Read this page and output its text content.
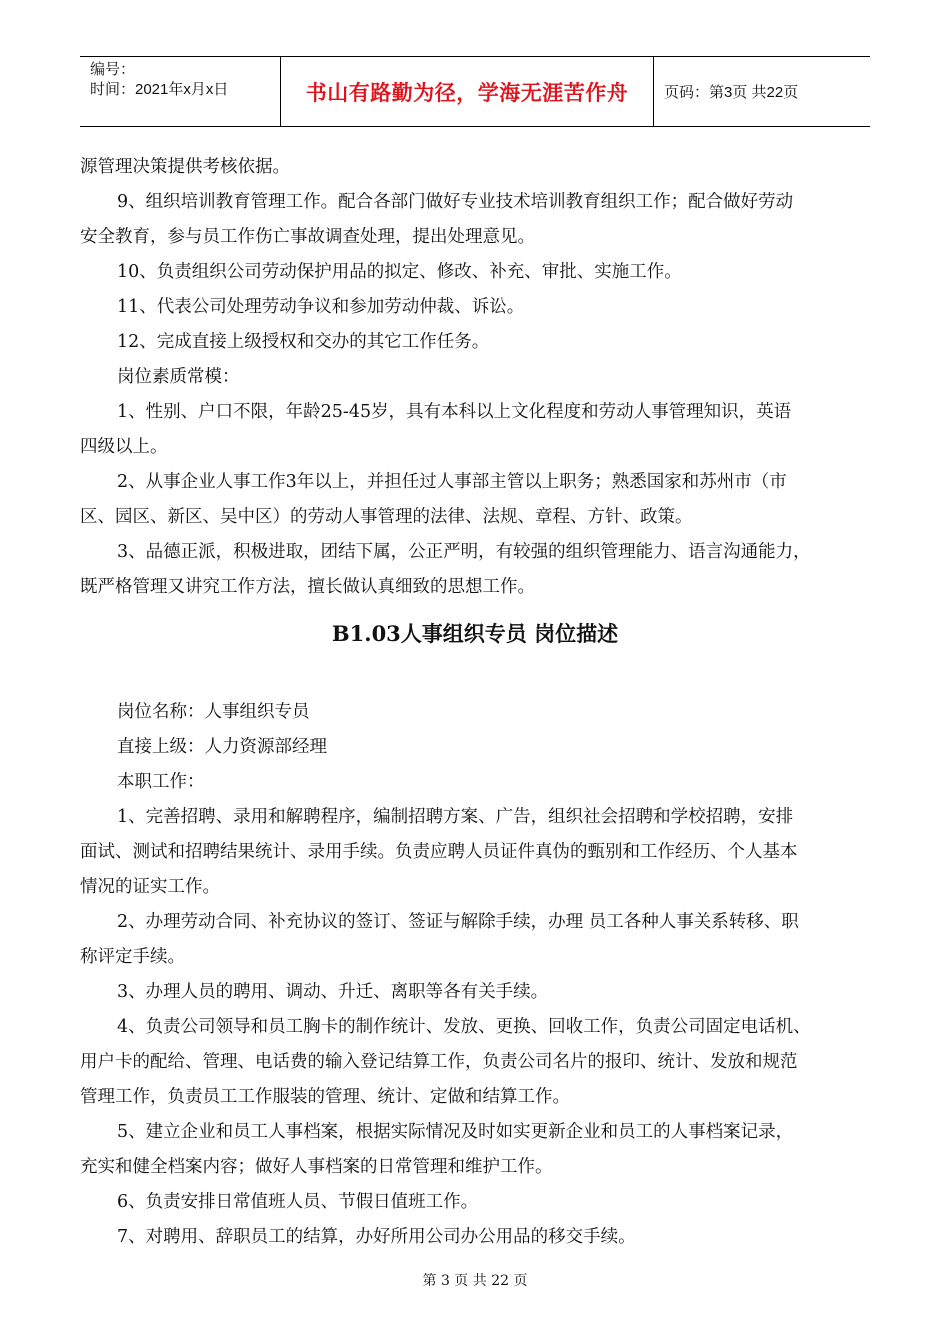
编号：
时间：2021年x月x日	书山有路勤为径，学海无涯苦作舟	页码：第3页 共22页
源管理决策提供考核依据。
9、组织培训教育管理工作。配合各部门做好专业技术培训教育组织工作；配合做好劳动
安全教育，参与员工作伤亡事故调查处理，提出处理意见。
10、负责组织公司劳动保护用品的拟定、修改、补充、审批、实施工作。
11、代表公司处理劳动争议和参加劳动仲裁、诉讼。
12、完成直接上级授权和交办的其它工作任务。
岗位素质常模：
1、性别、户口不限，年龄25-45岁，具有本科以上文化程度和劳动人事管理知识，英语
四级以上。
2、从事企业人事工作3年以上，并担任过人事部主管以上职务；熟悉国家和苏州市（市
区、园区、新区、吴中区）的劳动人事管理的法律、法规、章程、方针、政策。
3、品德正派，积极进取，团结下属，公正严明，有较强的组织管理能力、语言沟通能力，
既严格管理又讲究工作方法，擅长做认真细致的思想工作。
B1.03人事组织专员 岗位描述
岗位名称：人事组织专员
直接上级：人力资源部经理
本职工作：
1、完善招聘、录用和解聘程序，编制招聘方案、广告，组织社会招聘和学校招聘，安排
面试、测试和招聘结果统计、录用手续。负责应聘人员证件真伪的甄别和工作经历、个人基本
情况的证实工作。
2、办理劳动合同、补充协议的签订、签证与解除手续，办理 员工各种人事关系转移、职
称评定手续。
3、办理人员的聘用、调动、升迁、离职等各有关手续。
4、负责公司领导和员工胸卡的制作统计、发放、更换、回收工作，负责公司固定电话机、
用户卡的配给、管理、电话费的输入登记结算工作，负责公司名片的报印、统计、发放和规范
管理工作，负责员工工作服装的管理、统计、定做和结算工作。
5、建立企业和员工人事档案，根据实际情况及时如实更新企业和员工的人事档案记录，
充实和健全档案内容；做好人事档案的日常管理和维护工作。
6、负责安排日常值班人员、节假日值班工作。
7、对聘用、辞职员工的结算，办好所用公司办公用品的移交手续。
第 3 页 共 22 页
